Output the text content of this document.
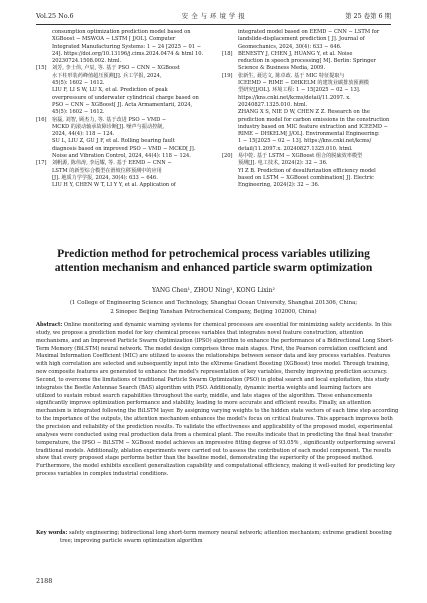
Vol.25 No.6	安 全 与 环 境 学 报	第 25 卷第 6 期
consumption optimization prediction model based on
XGBoost − MSWOA − LSTM [ J/OL]. Computer
Integrated Manufacturing Systems: 1 − 24 [2025 − 01 −
24]. https://doi.org/10.13196/j.cims.2024.0474 & html 10.
20230724.1508.002. html.
[15] 刘芳, 李士伟, 卢辰, 等. 基于 PSO − CNN − XGBoost
水下柱形装药峰值超压预测[J]. 兵工学报, 2024,
45(5): 1602 − 1612.
LIU F, LI S W, LU X, et al. Prediction of peak
overpressure of underwater cylindrical charge based on
PSO − CNN − XGBoost[ J]. Acta Armamentarii, 2024,
45(5): 1602 − 1612.
[16] 宿磊, 刘智, 顾杰力, 等. 基于改进 PSO − VMD −
MCKD 的滚动轴承故障诊断[J]. 噪声与振动控制,
2024, 44(4): 118 − 124.
SU L, LIU Z, GU J F, et al. Rolling bearing fault
diagnosis based on improved PSO − VMD − MCKD[ J].
Noise and Vibration Control, 2024, 44(4): 118 − 124.
[17] 刘帆源, 陈伟涛, 李远耀, 等. 基于 EEMD − CNN −
LSTM 的新型综合模型在滑坡位移预测中的应用
[J]. 地质力学学报, 2024, 30(4): 633 − 646.
LIU H Y, CHEN W T, LI Y Y, et al. Application of
integrated model based on EEMD − CNN − LSTM for
landslide-displacement prediction [ J]. Journal of
Geomechanics, 2024, 30(4): 633 − 646.
[18] BENESTY J, CHEN J, HUANG Y, et al. Noise
reduction in speech processing[ M]. Berlin: Springer
Science & Business Media, 2009.
[19] 张新生, 聂达文, 陈卓政. 基于 MIC 特征提取与
ICEEMD − RIME − DHKELM 的建筑业碳排放预测模
型研究[J/OL]. 环境工程: 1 − 15[2025 − 02 − 13].
https://kns.cnki.net/kcms/detail/11.2097. x.
20240827.1325.010. html.
ZHANG X S, NIE D W, CHEN Z Z. Research on the
prediction model for carbon emissions in the construction
industry based on MIC feature extraction and ICEEMD −
RIME − DHKELM[ J/OL]. Environmental Engineering:
1 − 15[2025 − 02 − 13]. https://kns.cnki.net/kcms/
detail/11.2097.x. 20240827.1325.010. html.
[20] 易中乾. 基于 LSTM − XGBoost 组合的脱硫效率模型
预测[J]. 电工技术, 2024(2): 32 − 36.
YI Z B. Prediction of desulfurization efficiency model
based on LSTM − XGBoost combination[ J]. Electric
Engineering, 2024(2): 32 − 36.
Prediction method for petrochemical process variables utilizing
attention mechanism and enhanced particle swarm optimization
YANG Chen¹, ZHOU Ning¹, KONG Lixin²
(1 College of Engineering Science and Technology, Shanghai Ocean University, Shanghai 201306, China;
2 Sinopec Beijing Yanshan Petrochemical Company, Beijing 102000, China)
Abstract: Online monitoring and dynamic warning systems for chemical processes are essential for minimizing safety accidents. In this
study, we propose a prediction model for key chemical process variables that integrates novel feature construction, attention
mechanisms, and an Improved Particle Swarm Optimization (IPSO) algorithm to enhance the performance of a Bidirectional Long Short-
Term Memory (BiLSTM) neural network. The model design comprises three main stages. First, the Pearson correlation coefficient and
Maximal Information Coefficient (MIC) are utilized to assess the relationships between sensor data and key process variables. Features
with high correlation are selected and subsequently input into the eXtreme Gradient Boosting (XGBoost) tree model. Through training,
new composite features are generated to enhance the model's representation of key variables, thereby improving prediction accuracy.
Second, to overcome the limitations of traditional Particle Swarm Optimization (PSO) in global search and local exploitation, this study
integrates the Beetle Antennae Search (BAS) algorithm with PSO. Additionally, dynamic inertia weights and learning factors are
utilized to sustain robust search capabilities throughout the early, middle, and late stages of the algorithm. These enhancements
significantly improve optimization performance and stability, leading to more accurate and efficient results. Finally, an attention
mechanism is integrated following the BiLSTM layer. By assigning varying weights to the hidden state vectors of each time step according
to the importance of the outputs, the attention mechanism enhances the model's focus on critical features. This approach improves both
the precision and reliability of the prediction results. To validate the effectiveness and applicability of the proposed model, experimental
analyses were conducted using real production data from a chemical plant. The results indicate that in predicting the final heat transfer
temperature, the IPSO − BiLSTM − XGBoost model achieves an impressive fitting degree of 93.05% , significantly outperforming several
traditional models. Additionally, ablation experiments were carried out to assess the contribution of each model component. The results
show that every proposed stage performs better than the baseline model, demonstrating the superiority of the proposed method.
Furthermore, the model exhibits excellent generalization capability and computational efficiency, making it well-suited for predicting key
process variables in complex industrial conditions.
Key words: safety engineering; bidirectional long short-term memory neural network; attention mechanism; extreme gradient boosting
tree; improving particle swarm optimization algorithm
2188
